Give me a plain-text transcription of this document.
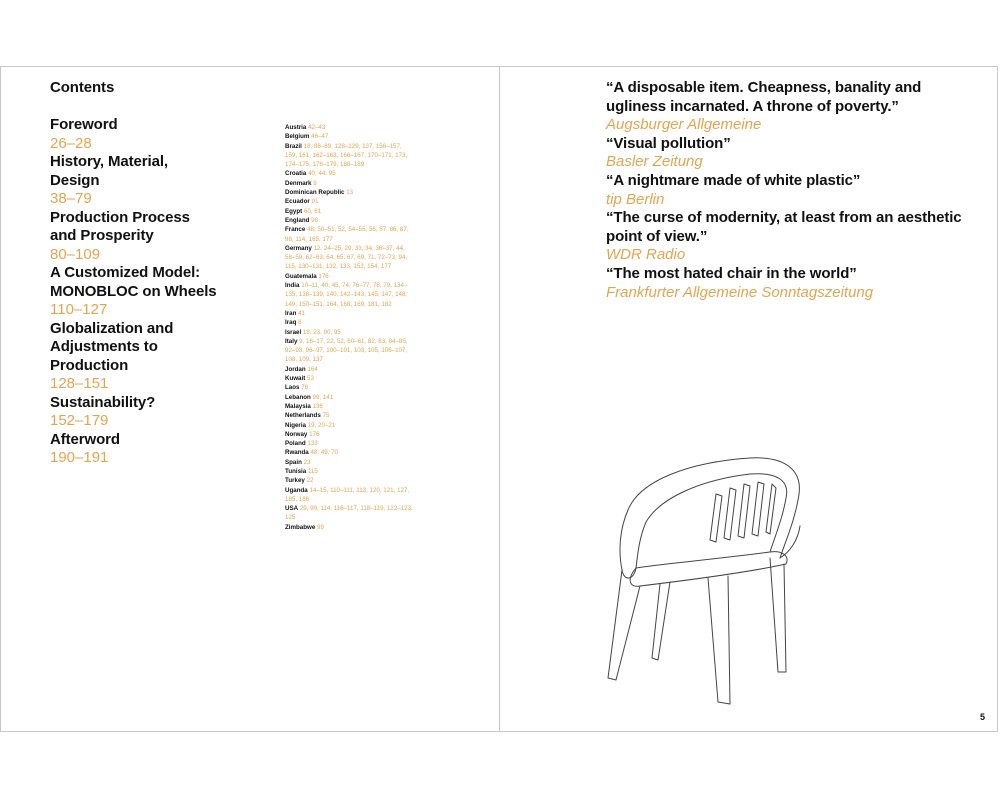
Contents
Foreword
26–28
History, Material,
Design
38–79
Production Process
and Prosperity
80–109
A Customized Model:
MONOBLOC on Wheels
110–127
Globalization and
Adjustments to
Production
128–151
Sustainability?
152–179
Afterword
190–191
Austria 42–43
Belgium 46–47
Brazil 18, 88–89, 128–129, 137, 156–157, 159, 161, 162–163, 166–167, 170–171, 173, 174–175, 178–179, 188–189
Croatia 40, 44, 95
Denmark 9
Dominican Republic 13
Ecuador 91
Egypt 60, 61
England 98
France 48, 50–51, 52, 54–55, 56, 57, 86, 87, 98, 114, 165, 177
Germany 12, 24–25, 29, 33, 34, 36–37, 44, 58–59, 62–63, 64, 65, 67, 69, 71, 72–73, 94, 115, 130–131, 132, 133, 153, 154, 177
Guatemala 176
India 10–11, 40, 45, 74, 76–77, 78, 79, 134–135, 138–139, 140, 142–143, 145, 147, 148, 149, 150–151, 164, 168, 169, 181, 182
Iran 41
Iraq 8
Israel 18, 23, 90, 95
Italy 9, 16–17, 22, 52, 60–61, 82, 83, 84–85, 92–93, 96–97, 100–101, 103, 105, 106–107, 108, 109, 137
Jordan 164
Kuwait 53
Laos 78
Lebanon 99, 141
Malaysia 136
Netherlands 75
Nigeria 19, 20–21
Norway 176
Poland 133
Rwanda 48, 49, 70
Spain 23
Tunisia 115
Turkey 22
Uganda 14–15, 110–111, 113, 120, 121, 127, 185, 186
USA 29, 90, 114, 116–117, 118–119, 122–123, 125
Zimbabwe 99
“A disposable item. Cheapness, banality and ugliness incarnated. A throne of poverty.”
Augsburger Allgemeine
“Visual pollution”
Basler Zeitung
“A nightmare made of white plastic”
tip Berlin
“The curse of modernity, at least from an aesthetic point of view.”
WDR Radio
“The most hated chair in the world”
Frankfurter Allgemeine Sonntagszeitung
5
